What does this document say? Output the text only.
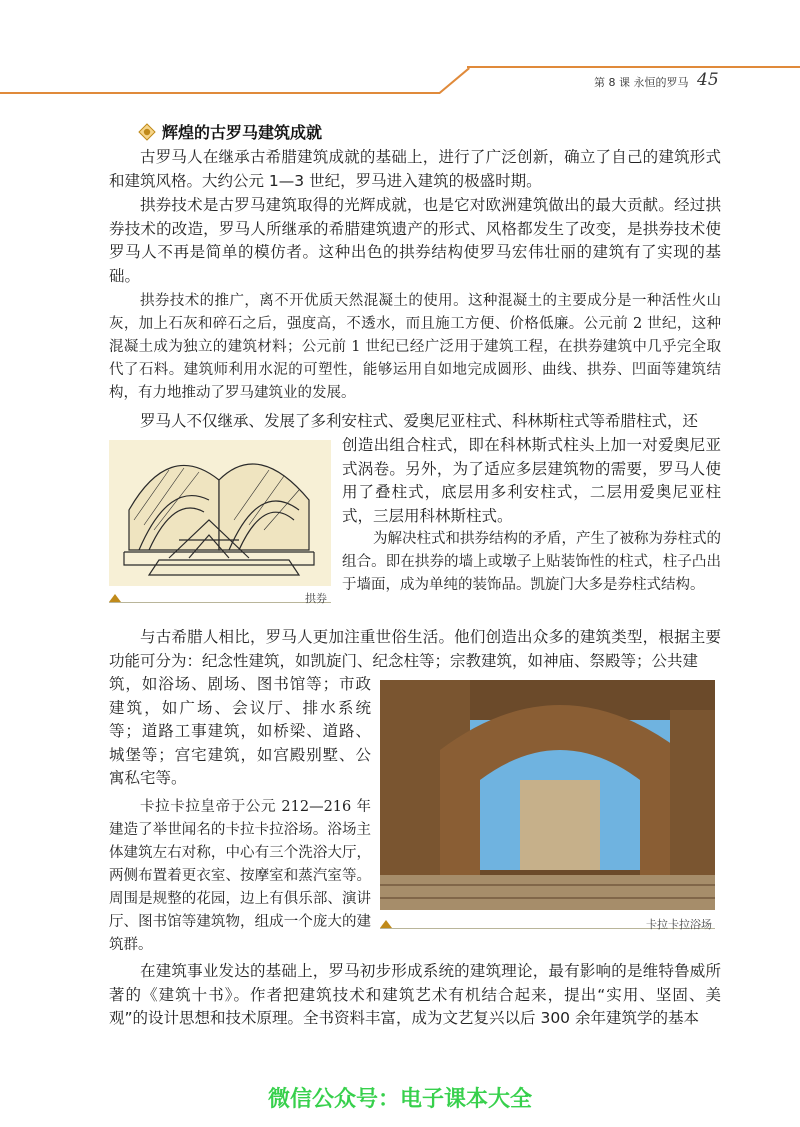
第 8 课 永恒的罗马 45
辉煌的古罗马建筑成就
古罗马人在继承古希腊建筑成就的基础上，进行了广泛创新，确立了自己的建筑形式和建筑风格。大约公元 1—3 世纪，罗马进入建筑的极盛时期。
拱券技术是古罗马建筑取得的光辉成就，也是它对欧洲建筑做出的最大贡献。经过拱券技术的改造，罗马人所继承的希腊建筑遗产的形式、风格都发生了改变，是拱券技术使罗马人不再是简单的模仿者。这种出色的拱券结构使罗马宏伟壮丽的建筑有了实现的基础。
拱券技术的推广，离不开优质天然混凝土的使用。这种混凝土的主要成分是一种活性火山灰，加上石灰和碎石之后，强度高，不透水，而且施工方便、价格低廉。公元前 2 世纪，这种混凝土成为独立的建筑材料；公元前 1 世纪已经广泛用于建筑工程，在拱券建筑中几乎完全取代了石料。建筑师利用水泥的可塑性，能够运用自如地完成圆形、曲线、拱券、凹面等建筑结构，有力地推动了罗马建筑业的发展。
罗马人不仅继承、发展了多利安柱式、爱奥尼亚柱式、科林斯柱式等希腊柱式，还
创造出组合柱式，即在科林斯式柱头上加一对爱奥尼亚式涡卷。另外，为了适应多层建筑物的需要，罗马人使用了叠柱式，底层用多利安柱式，二层用爱奥尼亚柱式，三层用科林斯柱式。
为解决柱式和拱券结构的矛盾，产生了被称为券柱式的组合。即在拱券的墙上或墩子上贴装饰性的柱式，柱子凸出于墙面，成为单纯的装饰品。凯旋门大多是券柱式结构。
与古希腊人相比，罗马人更加注重世俗生活。他们创造出众多的建筑类型，根据主要功能可分为：纪念性建筑，如凯旋门、纪念柱等；宗教建筑，如神庙、祭殿等；公共建
筑，如浴场、剧场、图书馆等；市政建筑，如广场、会议厅、排水系统等；道路工事建筑，如桥梁、道路、城堡等；宫宅建筑，如宫殿别墅、公寓私宅等。
卡拉卡拉皇帝于公元 212—216 年建造了举世闻名的卡拉卡拉浴场。浴场主体建筑左右对称，中心有三个洗浴大厅，两侧布置着更衣室、按摩室和蒸汽室等。周围是规整的花园，边上有俱乐部、演讲厅、图书馆等建筑物，组成一个庞大的建筑群。
在建筑事业发达的基础上，罗马初步形成系统的建筑理论，最有影响的是维特鲁威所著的《建筑十书》。作者把建筑技术和建筑艺术有机结合起来，提出“实用、坚固、美观”的设计思想和技术原理。全书资料丰富，成为文艺复兴以后 300 余年建筑学的基本
拱券
卡拉卡拉浴场
微信公众号：电子课本大全
